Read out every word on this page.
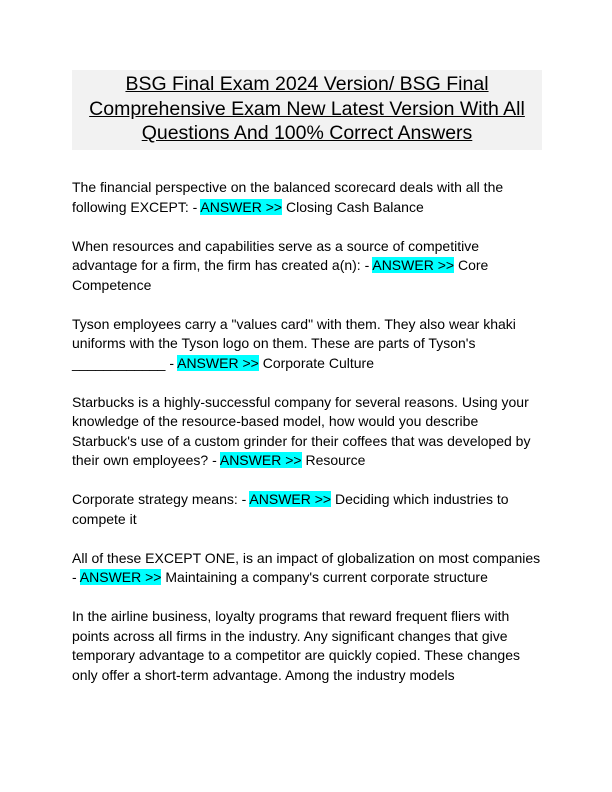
BSG Final Exam 2024 Version/ BSG Final Comprehensive Exam New Latest Version With All Questions And 100% Correct Answers

The financial perspective on the balanced scorecard deals with all the following EXCEPT: - ANSWER >> Closing Cash Balance

When resources and capabilities serve as a source of competitive advantage for a firm, the firm has created a(n): - ANSWER >> Core Competence

Tyson employees carry a "values card" with them. They also wear khaki uniforms with the Tyson logo on them. These are parts of Tyson's ____________ - ANSWER >> Corporate Culture

Starbucks is a highly-successful company for several reasons. Using your knowledge of the resource-based model, how would you describe Starbuck's use of a custom grinder for their coffees that was developed by their own employees? - ANSWER >> Resource

Corporate strategy means: - ANSWER >> Deciding which industries to compete it

All of these EXCEPT ONE, is an impact of globalization on most companies - ANSWER >> Maintaining a company's current corporate structure

In the airline business, loyalty programs that reward frequent fliers with points across all firms in the industry. Any significant changes that give temporary advantage to a competitor are quickly copied. These changes only offer a short-term advantage. Among the industry models
